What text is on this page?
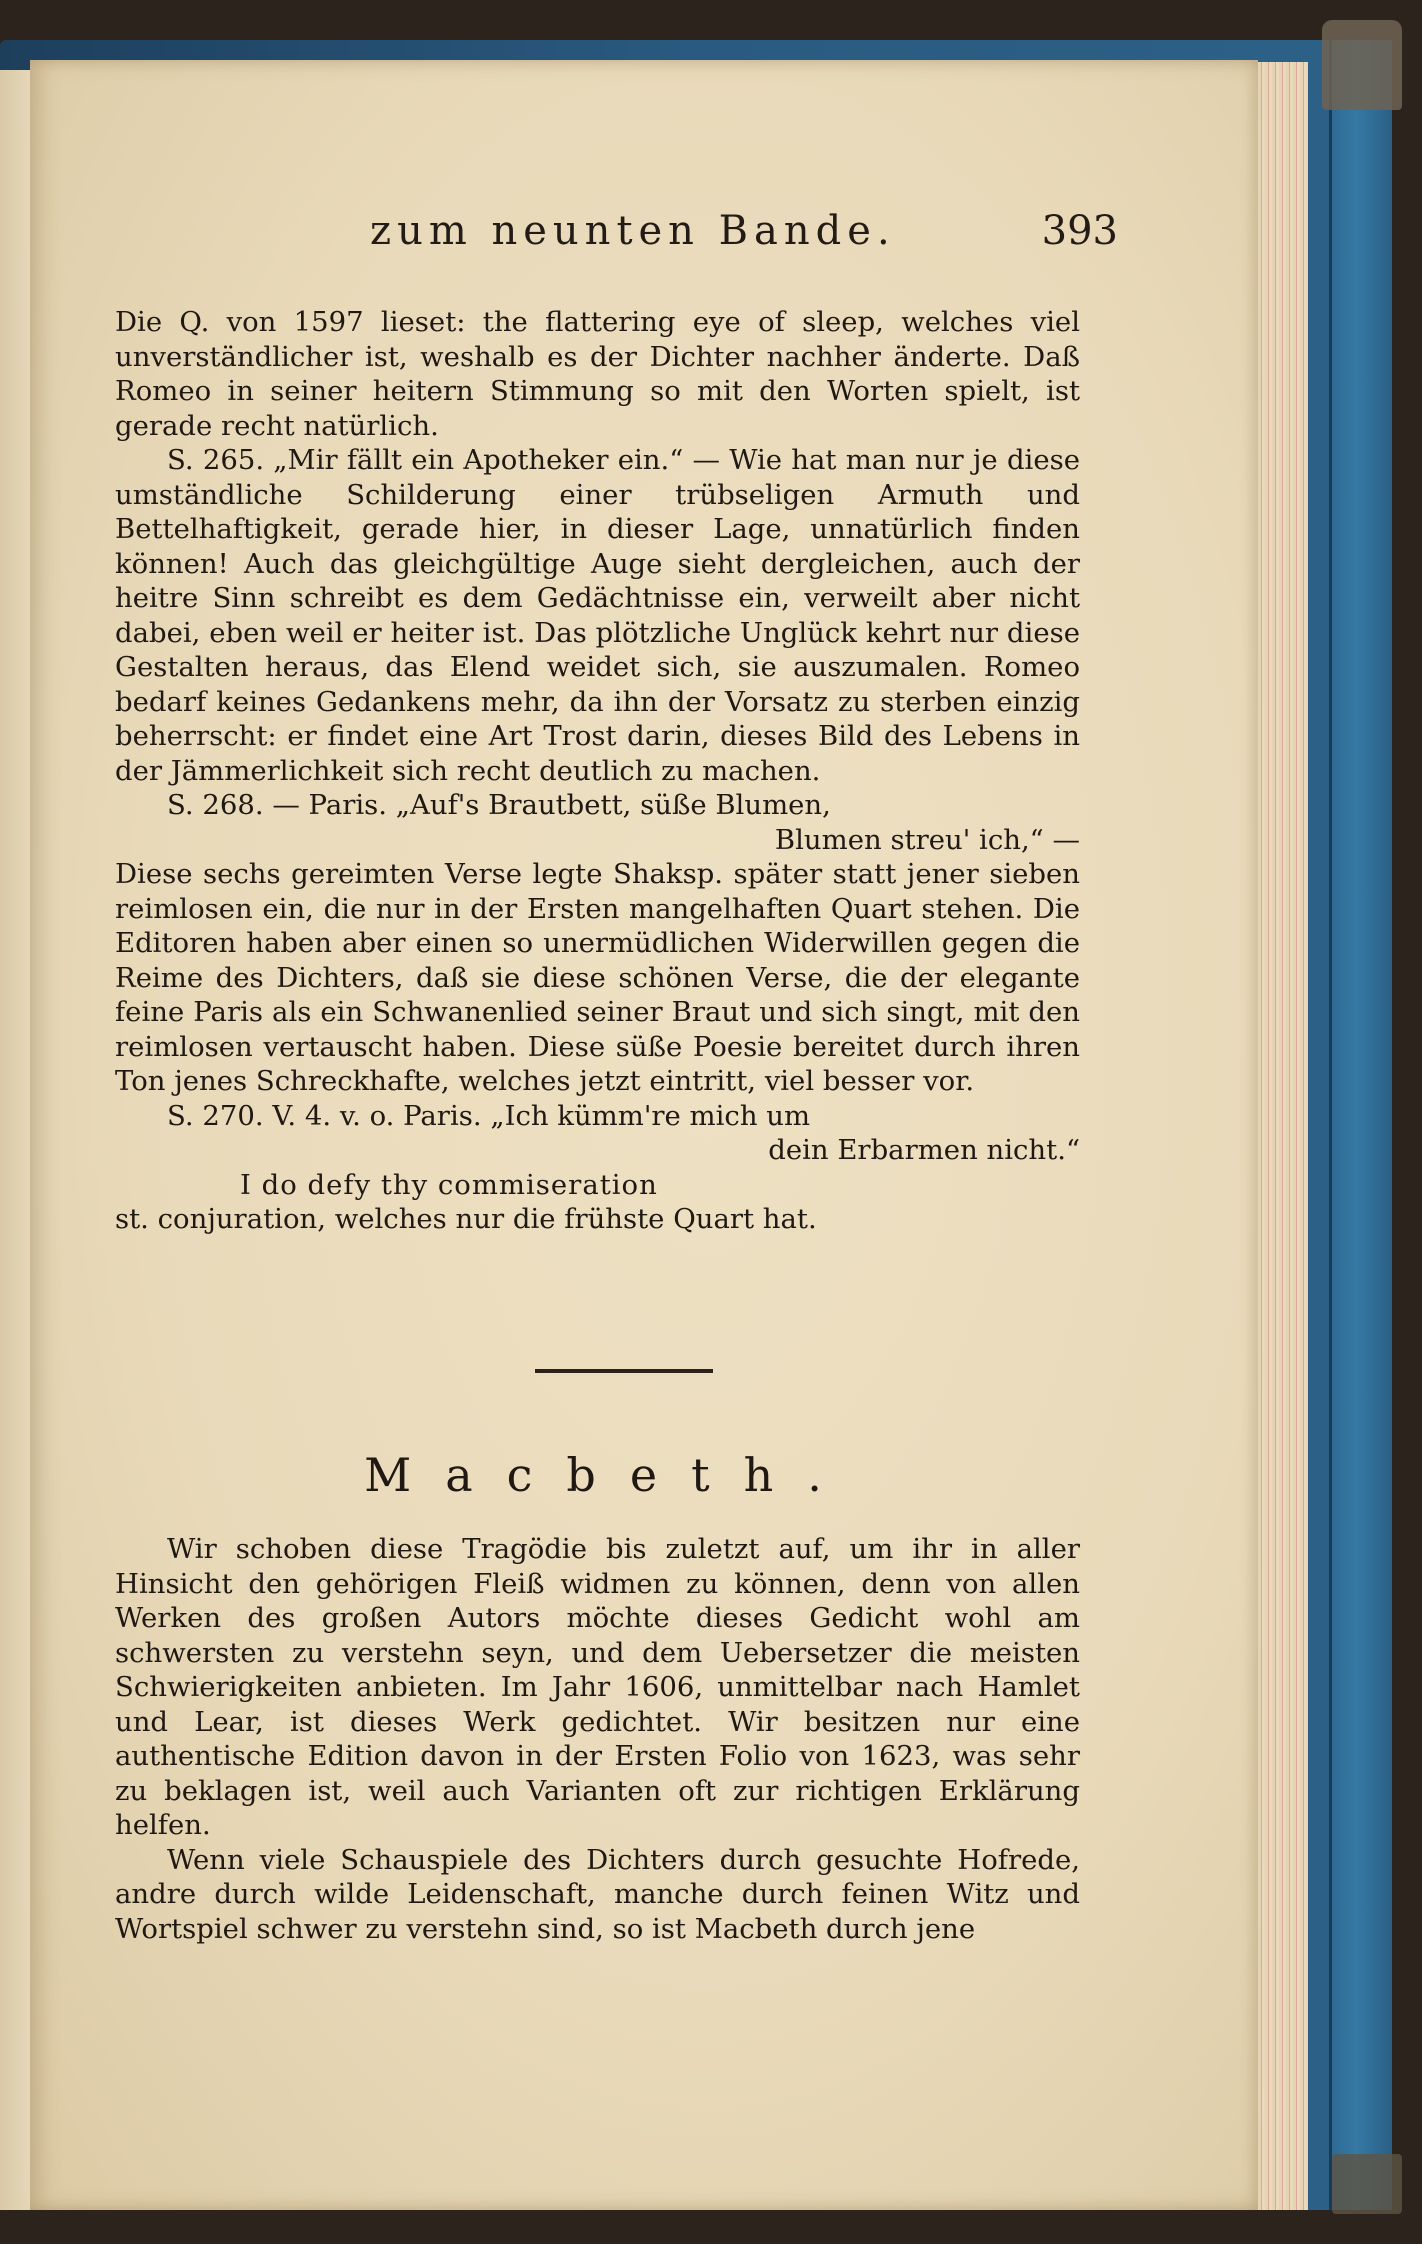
zum neunten Bande.	393

Die Q. von 1597 lieset: the flattering eye of sleep, welches viel unverständlicher ist, weshalb es der Dichter nachher änderte. Daß Romeo in seiner heitern Stimmung so mit den Worten spielt, ist gerade recht natürlich.

S. 265. „Mir fällt ein Apotheker ein.“ — Wie hat man nur je diese umständliche Schilderung einer trübseligen Armuth und Bettelhaftigkeit, gerade hier, in dieser Lage, unnatürlich finden können! Auch das gleichgültige Auge sieht dergleichen, auch der heitre Sinn schreibt es dem Gedächtnisse ein, verweilt aber nicht dabei, eben weil er heiter ist. Das plötzliche Unglück kehrt nur diese Gestalten heraus, das Elend weidet sich, sie auszumalen. Romeo bedarf keines Gedankens mehr, da ihn der Vorsatz zu sterben einzig beherrscht: er findet eine Art Trost darin, dieses Bild des Lebens in der Jämmerlichkeit sich recht deutlich zu machen.

S. 268. — Paris. „Auf's Brautbett, süße Blumen,

Blumen streu' ich,“ —

Diese sechs gereimten Verse legte Shaksp. später statt jener sieben reimlosen ein, die nur in der Ersten mangelhaften Quart stehen. Die Editoren haben aber einen so unermüdlichen Widerwillen gegen die Reime des Dichters, daß sie diese schönen Verse, die der elegante feine Paris als ein Schwanenlied seiner Braut und sich singt, mit den reimlosen vertauscht haben. Diese süße Poesie bereitet durch ihren Ton jenes Schreckhafte, welches jetzt eintritt, viel besser vor.

S. 270. V. 4. v. o. Paris. „Ich kümm're mich um

dein Erbarmen nicht.“

I do defy thy commiseration

st. conjuration, welches nur die frühste Quart hat.

Macbeth.

Wir schoben diese Tragödie bis zuletzt auf, um ihr in aller Hinsicht den gehörigen Fleiß widmen zu können, denn von allen Werken des großen Autors möchte dieses Gedicht wohl am schwersten zu verstehn seyn, und dem Uebersetzer die meisten Schwierigkeiten anbieten. Im Jahr 1606, unmittelbar nach Hamlet und Lear, ist dieses Werk gedichtet. Wir besitzen nur eine authentische Edition davon in der Ersten Folio von 1623, was sehr zu beklagen ist, weil auch Varianten oft zur richtigen Erklärung helfen.

Wenn viele Schauspiele des Dichters durch gesuchte Hofrede, andre durch wilde Leidenschaft, manche durch feinen Witz und Wortspiel schwer zu verstehn sind, so ist Macbeth durch jene
